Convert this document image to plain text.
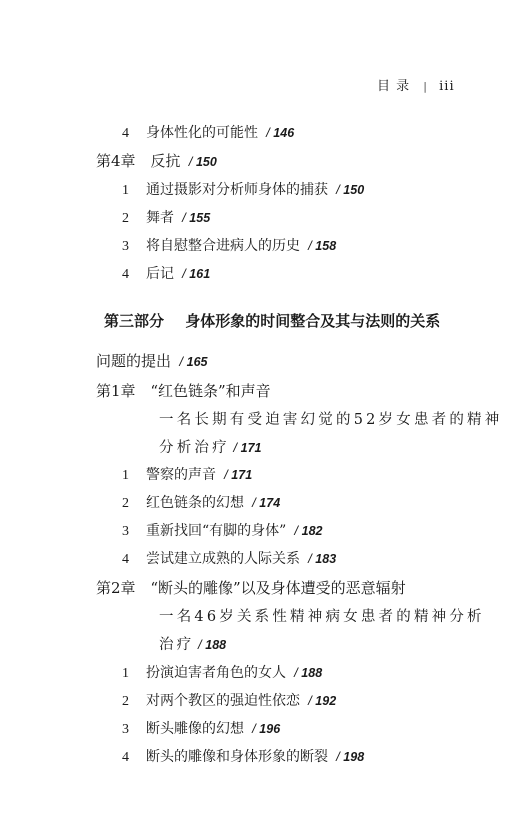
目 录 | iii
4 身体性化的可能性  / 146
第4章 反抗  / 150
1 通过摄影对分析师身体的捕获  / 150
2 舞者  / 155
3 将自慰整合进病人的历史  / 158
4 后记  / 161
第三部分 身体形象的时间整合及其与法则的关系
问题的提出  / 165
第1章 “红色链条”和声音
一名长期有受迫害幻觉的52岁女患者的精神
分析治疗 / 171
1 警察的声音  / 171
2 红色链条的幻想  / 174
3 重新找回“有脚的身体”  / 182
4 尝试建立成熟的人际关系  / 183
第2章 “断头的雕像”以及身体遭受的恶意辐射
一名46岁关系性精神病女患者的精神分析
治疗 / 188
1 扮演迫害者角色的女人  / 188
2 对两个教区的强迫性依恋  / 192
3 断头雕像的幻想  / 196
4 断头的雕像和身体形象的断裂  / 198
